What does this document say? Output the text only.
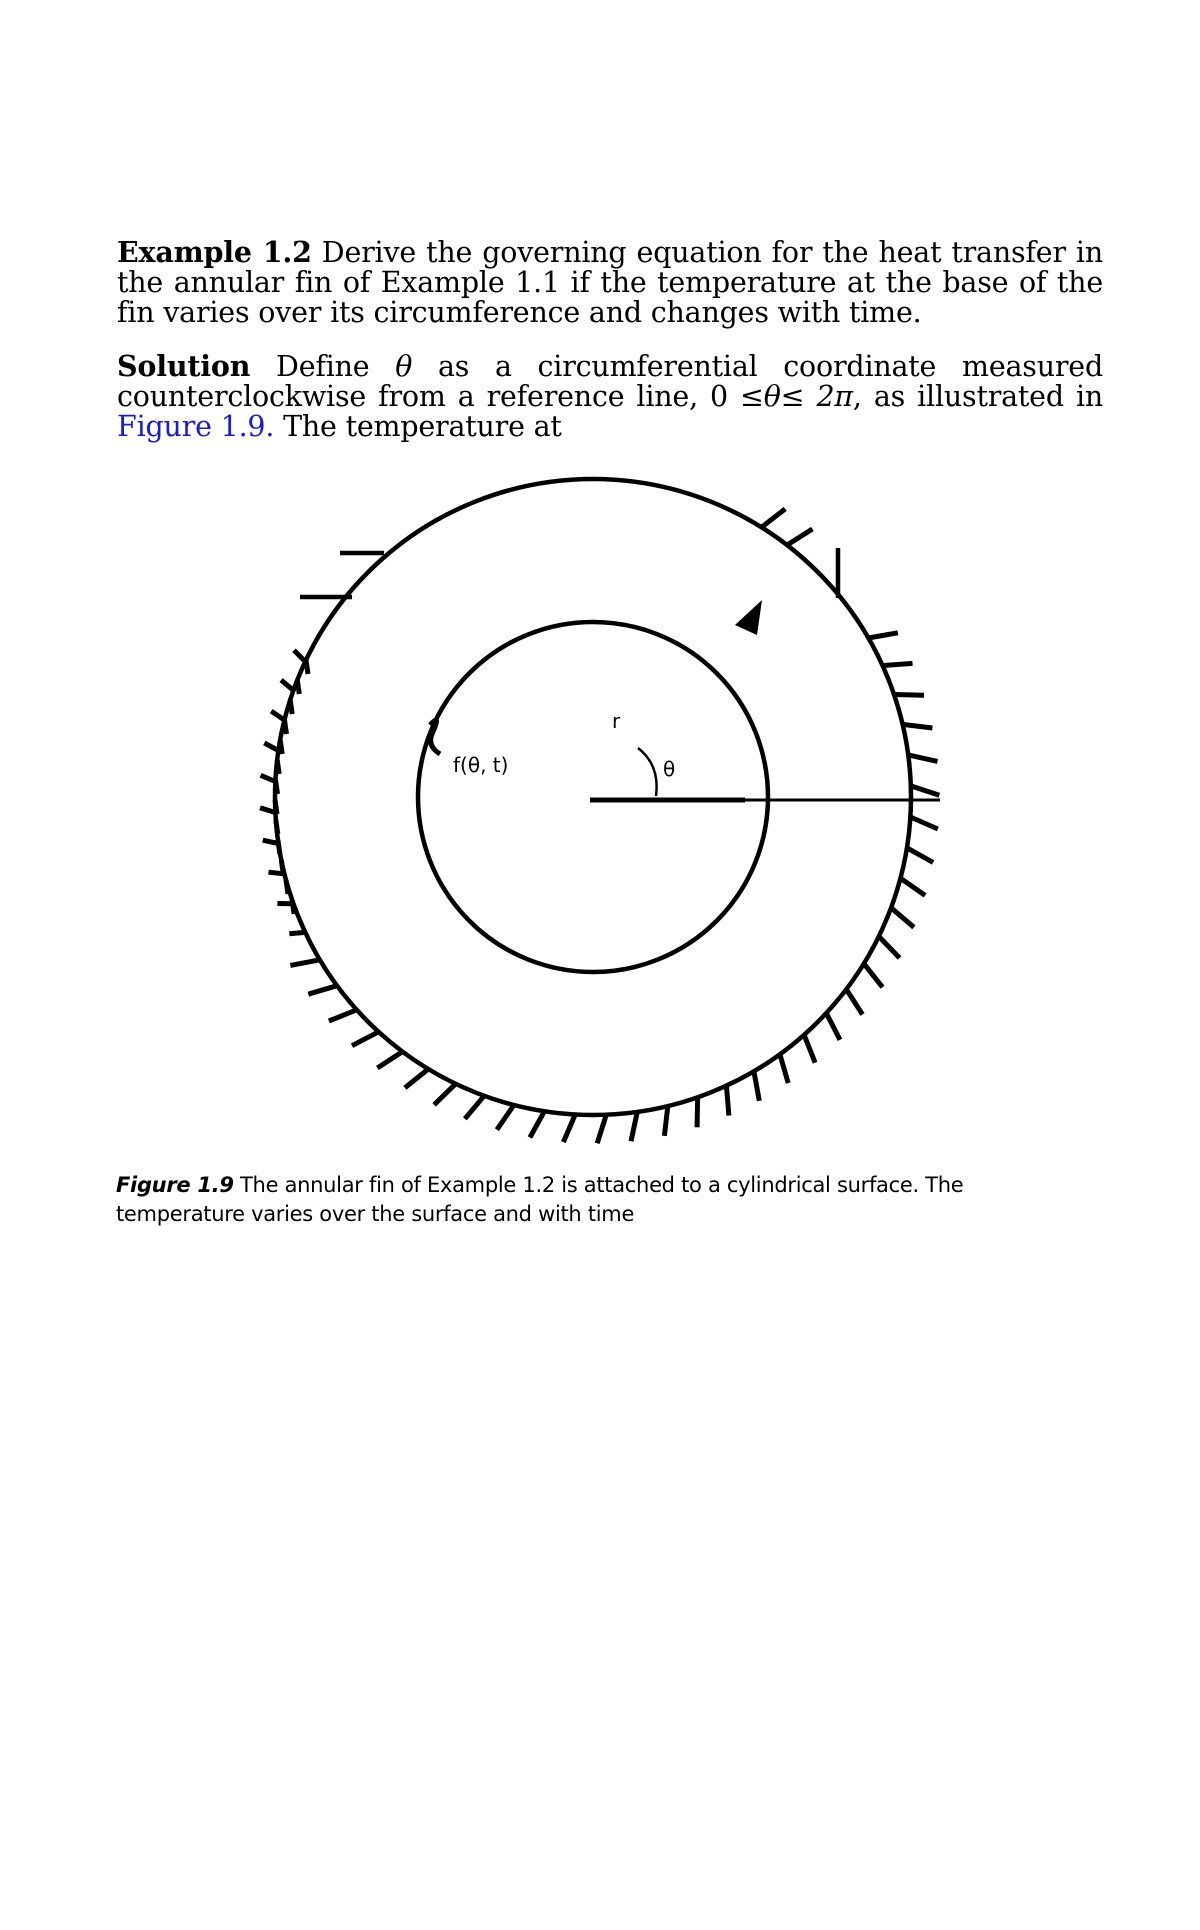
Example 1.2 Derive the governing equation for the heat transfer in the annular fin of Example 1.1 if the temperature at the base of the fin varies over its circumference and changes with time.

Solution Define θ as a circumferential coordinate measured counterclockwise from a reference line, 0 ≤θ≤ 2π, as illustrated in Figure 1.9. The temperature at

r
θ
f(θ, t)

Figure 1.9 The annular fin of Example 1.2 is attached to a cylindrical surface. The temperature varies over the surface and with time
